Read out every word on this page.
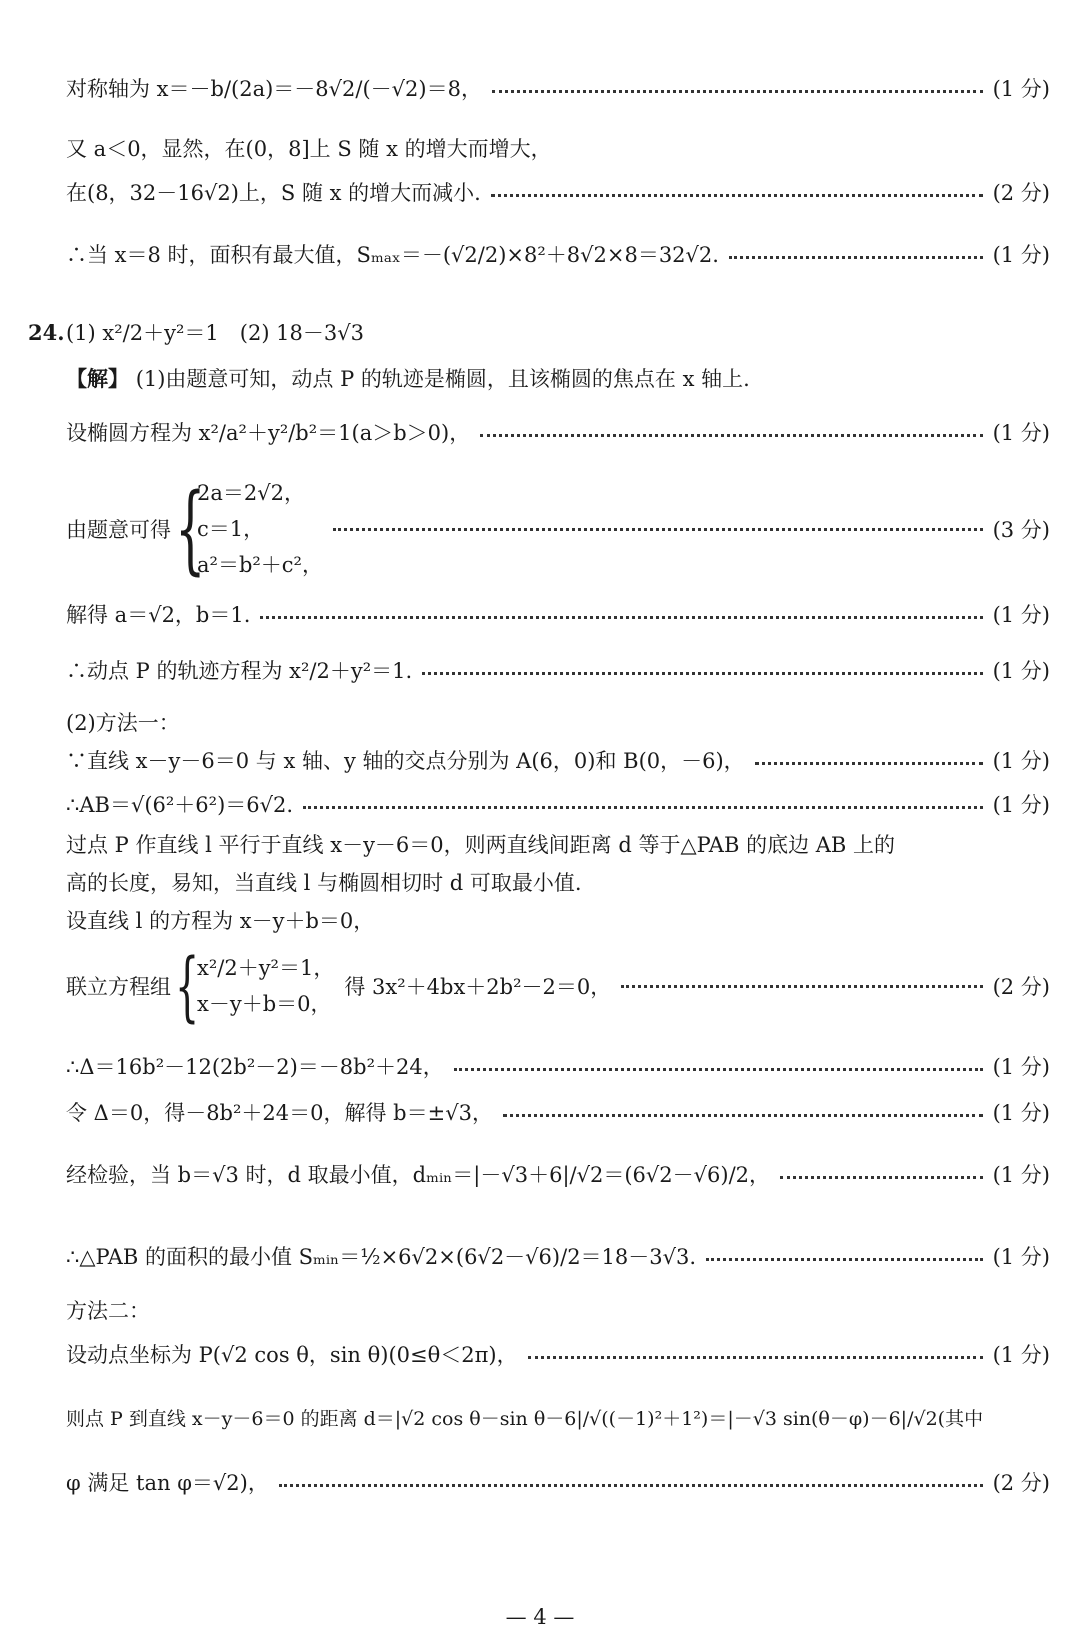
对称轴为 x＝－b/(2a)＝－8√2/(－√2)＝8，	(1 分)
又 a＜0，显然，在(0，8]上 S 随 x 的增大而增大，
在(8，32－16√2)上，S 随 x 的增大而减小.	(2 分)
∴当 x＝8 时，面积有最大值，Sₘₐₓ＝－(√2/2)×8²＋8√2×8＝32√2.	(1 分)
24. (1) x²/2＋y²＝1　(2) 18－3√3
【解】 (1)由题意可知，动点 P 的轨迹是椭圆，且该椭圆的焦点在 x 轴上.
设椭圆方程为 x²/a²＋y²/b²＝1(a＞b＞0)，	(1 分)
由题意可得 {
2a＝2√2，
c＝1，
a²＝b²＋c²，
(3 分)
解得 a＝√2，b＝1.	(1 分)
∴动点 P 的轨迹方程为 x²/2＋y²＝1.	(1 分)
(2)方法一：
∵直线 x－y－6＝0 与 x 轴、y 轴的交点分别为 A(6，0)和 B(0，－6)，	(1 分)
∴AB＝√(6²＋6²)＝6√2.	(1 分)
过点 P 作直线 l 平行于直线 x－y－6＝0，则两直线间距离 d 等于△PAB 的底边 AB 上的
高的长度，易知，当直线 l 与椭圆相切时 d 可取最小值.
设直线 l 的方程为 x－y＋b＝0，
联立方程组 {
x²/2＋y²＝1，
x－y＋b＝0，
得 3x²＋4bx＋2b²－2＝0，	(2 分)
∴Δ＝16b²－12(2b²－2)＝－8b²＋24，	(1 分)
令 Δ＝0，得－8b²＋24＝0，解得 b＝±√3，	(1 分)
经检验，当 b＝√3 时，d 取最小值，dₘᵢₙ＝|－√3＋6|/√2＝(6√2－√6)/2，	(1 分)
∴△PAB 的面积的最小值 Sₘᵢₙ＝½×6√2×(6√2－√6)/2＝18－3√3.	(1 分)
方法二：
设动点坐标为 P(√2 cos θ，sin θ)(0≤θ＜2π)，	(1 分)
则点 P 到直线 x－y－6＝0 的距离 d＝|√2 cos θ－sin θ－6|/√((－1)²＋1²)＝|－√3 sin(θ－φ)－6|/√2(其中
φ 满足 tan φ＝√2)，	(2 分)
— 4 —
